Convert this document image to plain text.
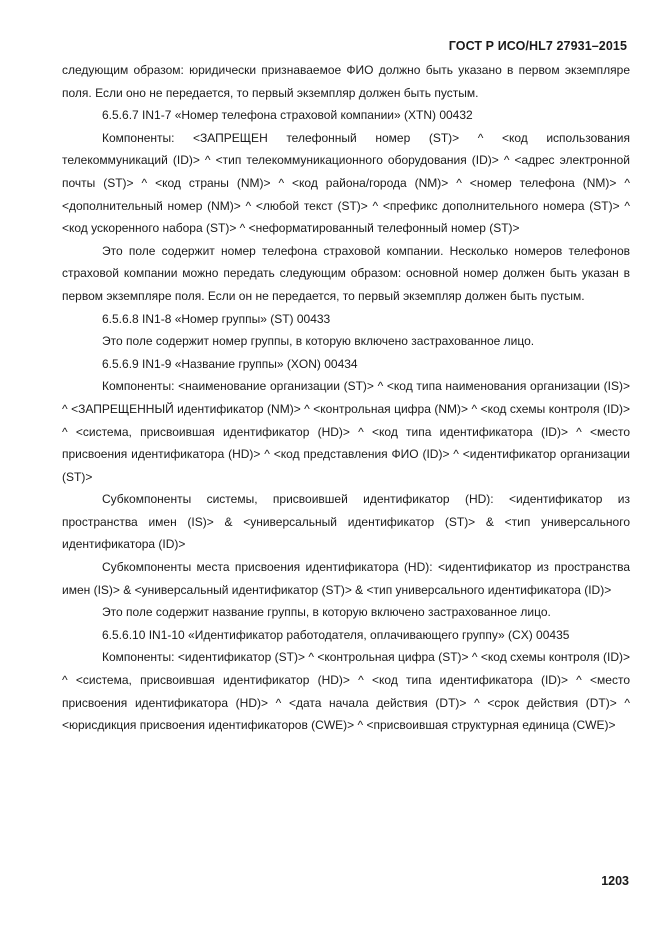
ГОСТ Р ИСО/HL7 27931–2015

следующим образом: юридически признаваемое ФИО должно быть указано в первом экземпляре поля. Если оно не передается, то первый экземпляр должен быть пустым.

6.5.6.7 IN1-7 «Номер телефона страховой компании» (XTN) 00432

Компоненты: <ЗАПРЕЩЕН телефонный номер (ST)> ^ <код использования телекоммуникаций (ID)> ^ <тип телекоммуникационного оборудования (ID)> ^ <адрес электронной почты (ST)> ^ <код страны (NM)> ^ <код района/города (NM)> ^ <номер телефона (NM)> ^ <дополнительный номер (NM)> ^ <любой текст (ST)> ^ <префикс дополнительного номера (ST)> ^ <код ускоренного набора (ST)> ^ <неформатированный телефонный номер (ST)>

Это поле содержит номер телефона страховой компании. Несколько номеров телефонов страховой компании можно передать следующим образом: основной номер должен быть указан в первом экземпляре поля. Если он не передается, то первый экземпляр должен быть пустым.

6.5.6.8 IN1-8 «Номер группы» (ST) 00433

Это поле содержит номер группы, в которую включено застрахованное лицо.

6.5.6.9 IN1-9 «Название группы» (XON) 00434

Компоненты: <наименование организации (ST)> ^ <код типа наименования организации (IS)> ^ <ЗАПРЕЩЕННЫЙ идентификатор (NM)> ^ <контрольная цифра (NM)> ^ <код схемы контроля (ID)> ^ <система, присвоившая идентификатор (HD)> ^ <код типа идентификатора (ID)> ^ <место присвоения идентификатора (HD)> ^ <код представления ФИО (ID)> ^ <идентификатор организации (ST)>

Субкомпоненты системы, присвоившей идентификатор (HD): <идентификатор из пространства имен (IS)> & <универсальный идентификатор (ST)> & <тип универсального идентификатора (ID)>

Субкомпоненты места присвоения идентификатора (HD): <идентификатор из пространства имен (IS)> & <универсальный идентификатор (ST)> & <тип универсального идентификатора (ID)>

Это поле содержит название группы, в которую включено застрахованное лицо.

6.5.6.10 IN1-10 «Идентификатор работодателя, оплачивающего группу» (CX) 00435

Компоненты: <идентификатор (ST)> ^ <контрольная цифра (ST)> ^ <код схемы контроля (ID)> ^ <система, присвоившая идентификатор (HD)> ^ <код типа идентификатора (ID)> ^ <место присвоения идентификатора (HD)> ^ <дата начала действия (DT)> ^ <срок действия (DT)> ^ <юрисдикция присвоения идентификаторов (CWE)> ^ <присвоившая структурная единица (CWE)>

1203
